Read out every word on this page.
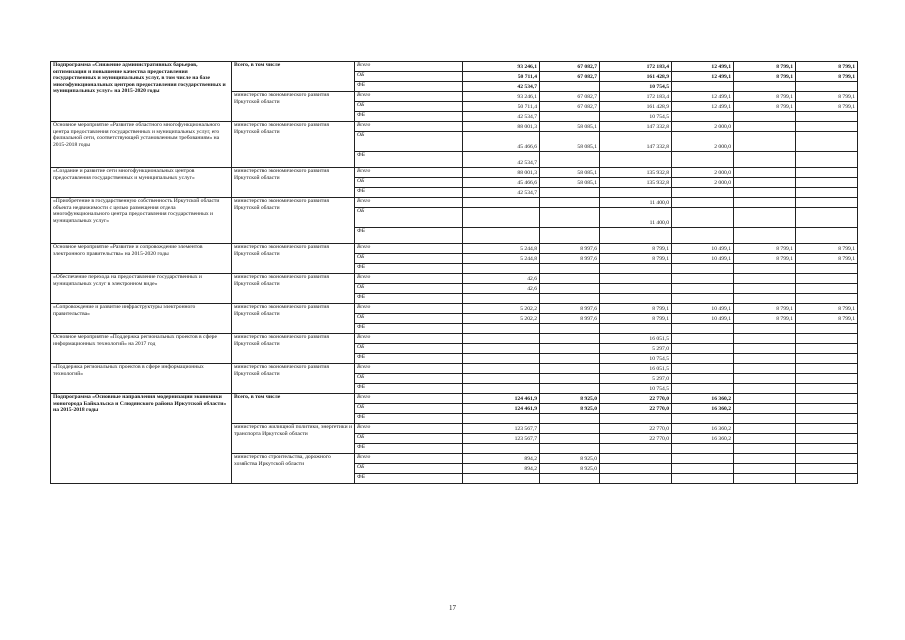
Подпрограмма «Снижение административных барьеров, оптимизация и повышение качества предоставления государственных и муниципальных услуг, в том числе на базе многофункциональных центров предоставления государственных и муниципальных услуг» на 2015-2020 годы	Всего, в том числе	Всего	93 246,1	67 082,7	172 183,4	12 499,1	8 799,1	8 799,1
		ОБ	50 711,4	67 082,7	161 428,9	12 499,1	8 799,1	8 799,1
		ФБ	42 534,7		10 754,5			
	министерство экономического развития Иркутской области	Всего	93 246,1	67 082,7	172 183,4	12 499,1	8 799,1	8 799,1
		ОБ	50 711,4	67 082,7	161 428,9	12 499,1	8 799,1	8 799,1
		ФБ	42 534,7		10 754,5			
Основное мероприятие «Развитие областного многофункционального центра предоставления государственных и муниципальных услуг, его филиальной сети, соответствующей установленным требованиям» на 2015-2018 годы	министерство экономического развития Иркутской области	Всего	88 001,3	58 085,1	147 332,8	2 000,0		
		ОБ	45 466,6	58 085,1	147 332,8	2 000,0		
		ФБ	42 534,7					
«Создание и развитие сети многофункциональных центров предоставления государственных и муниципальных услуг»	министерство экономического развития Иркутской области	Всего	88 001,3	58 085,1	135 932,8	2 000,0		
		ОБ	45 466,6	58 085,1	135 932,8	2 000,0		
		ФБ	42 534,7					
«Приобретение в государственную собственность Иркутской области объекта недвижимости с целью размещения отдела многофункционального центра предоставления государственных и муниципальных услуг»	министерство экономического развития Иркутской области	Всего			11 400,0			
		ОБ			11 400,0			
		ФБ						
Основное мероприятие «Развитие и сопровождение элементов электронного правительства» на 2015-2020 годы	министерство экономического развития Иркутской области	Всего	5 244,8	8 997,6	8 799,1	10 499,1	8 799,1	8 799,1
		ОБ	5 244,8	8 997,6	8 799,1	10 499,1	8 799,1	8 799,1
		ФБ						
«Обеспечение перехода на предоставление государственных и муниципальных услуг в электронном виде»	министерство экономического развития Иркутской области	Всего	42,6					
		ОБ	42,6					
		ФБ						
«Сопровождение и развитие инфраструктуры электронного правительства»	министерство экономического развития Иркутской области	Всего	5 202,2	8 997,6	8 799,1	10 499,1	8 799,1	8 799,1
		ОБ	5 202,2	8 997,6	8 799,1	10 499,1	8 799,1	8 799,1
		ФБ						
Основное мероприятие «Поддержка региональных проектов в сфере информационных технологий» на 2017 год	министерство экономического развития Иркутской области	Всего			16 051,5			
		ОБ			5 297,0			
		ФБ			10 754,5			
«Поддержка региональных проектов в сфере информационных технологий»	министерство экономического развития Иркутской области	Всего			16 051,5			
		ОБ			5 297,0			
		ФБ			10 754,5			
Подпрограмма «Основные направления модернизации экономики моногорода Байкальска и Слюдянского района Иркутской области» на 2015-2018 годы	Всего, в том числе	Всего	124 461,9	8 925,0	22 770,0	16 360,2		
		ОБ	124 461,9	8 925,0	22 770,0	16 360,2		
		ФБ						
	министерство жилищной политики, энергетики и транспорта Иркутской области	Всего	123 567,7		22 770,0	16 360,2		
		ОБ	123 567,7		22 770,0	16 360,2		
		ФБ						
	министерство строительства, дорожного хозяйства Иркутской области	Всего	894,2	8 925,0				
		ОБ	894,2	8 925,0				
		ФБ						
17
